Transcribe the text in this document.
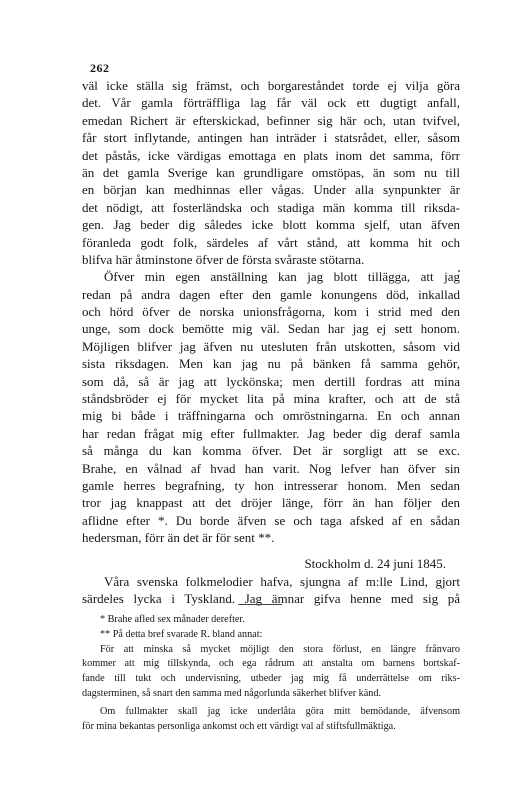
262
väl icke ställa sig främst, och borgareståndet torde ej vilja göra
det. Vår gamla förträffliga lag får väl ock ett dugtigt anfall,
emedan Richert är efterskickad, befinner sig här och, utan tvifvel,
får stort inflytande, antingen han inträder i statsrådet, eller, såsom
det påstås, icke värdigas emottaga en plats inom det samma, förr
än det gamla Sverige kan grundligare omstöpas, än som nu till
en början kan medhinnas eller vågas. Under alla synpunkter är
det nödigt, att fosterländska och stadiga män komma till riksda-
gen. Jag beder dig således icke blott komma sjelf, utan äfven
föranleda godt folk, särdeles af vårt stånd, att komma hit och
blifva här åtminstone öfver de första svåraste stötarna.
Öfver min egen anställning kan jag blott tillägga, att jag
redan på andra dagen efter den gamle konungens död, inkallad
och hörd öfver de norska unionsfrågorna, kom i strid med den
unge, som dock bemötte mig väl. Sedan har jag ej sett honom.
Möjligen blifver jag äfven nu utesluten från utskotten, såsom vid
sista riksdagen. Men kan jag nu på bänken få samma gehör,
som då, så är jag att lyckönska; men dertill fordras att mina
ståndsbröder ej för mycket lita på mina krafter, och att de stå
mig bi både i träffningarna och omröstningarna. En och annan
har redan frågat mig efter fullmakter. Jag beder dig deraf samla
så många du kan komma öfver. Det är sorgligt att se exc.
Brahe, en vålnad af hvad han varit. Nog lefver han öfver sin
gamle herres begrafning, ty hon intresserar honom. Men sedan
tror jag knappast att det dröjer länge, förr än han följer den
aflidne efter *. Du borde äfven se och taga afsked af en sådan
hedersman, förr än det är för sent **.
Stockholm d. 24 juni 1845.
Våra svenska folkmelodier hafva, sjungna af m:lle Lind, gjort
särdeles lycka i Tyskland. Jag ämnar gifva henne med sig på
* Brahe afled sex månader derefter.
** På detta bref svarade R. bland annat:
För att minska så mycket möjligt den stora förlust, en längre frånvaro
kommer att mig tillskynda, och ega rådrum att anstalta om barnens bortskaf-
fande till tukt och undervisning, utbeder jag mig få underrättelse om riks-
dagsterminen, så snart den samma med någorlunda säkerhet blifver känd.
Om fullmakter skall jag icke underlåta göra mitt bemödande, äfvensom
för mina bekantas personliga ankomst och ett värdigt val af stiftsfullmäktiga.
